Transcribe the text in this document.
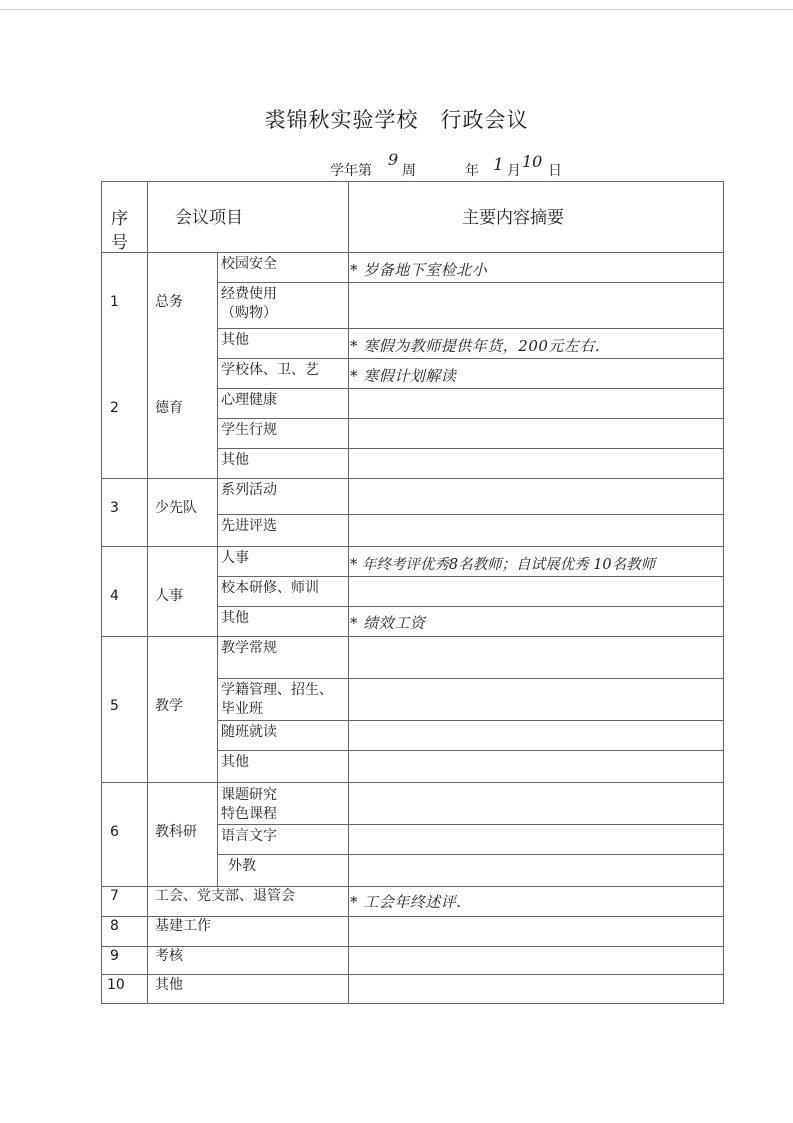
裘锦秋实验学校　行政会议
学年第
9
周	年 1 月 10 日
序
号
会议项目	主要内容摘要
1
2
3
4
5
6
7
8
9
10
总务
德育
少先队
人事
教学
教科研
工会、党支部、退管会
基建工作
考核
其他
校园安全
经费使用
（购物）
其他
学校体、卫、艺
心理健康
学生行规
其他
系列活动
先进评选
人事
校本研修、师训
其他
教学常规
学籍管理、招生、
毕业班
随班就读
其他
课题研究
特色课程
语言文字
外教
* 岁备地下室检北小
* 寒假为教师提供年货，200元左右.
* 寒假计划解读
* 年终考评优秀8名教师；自试展优秀 10名教师
* 绩效工资
* 工会年终述评.
